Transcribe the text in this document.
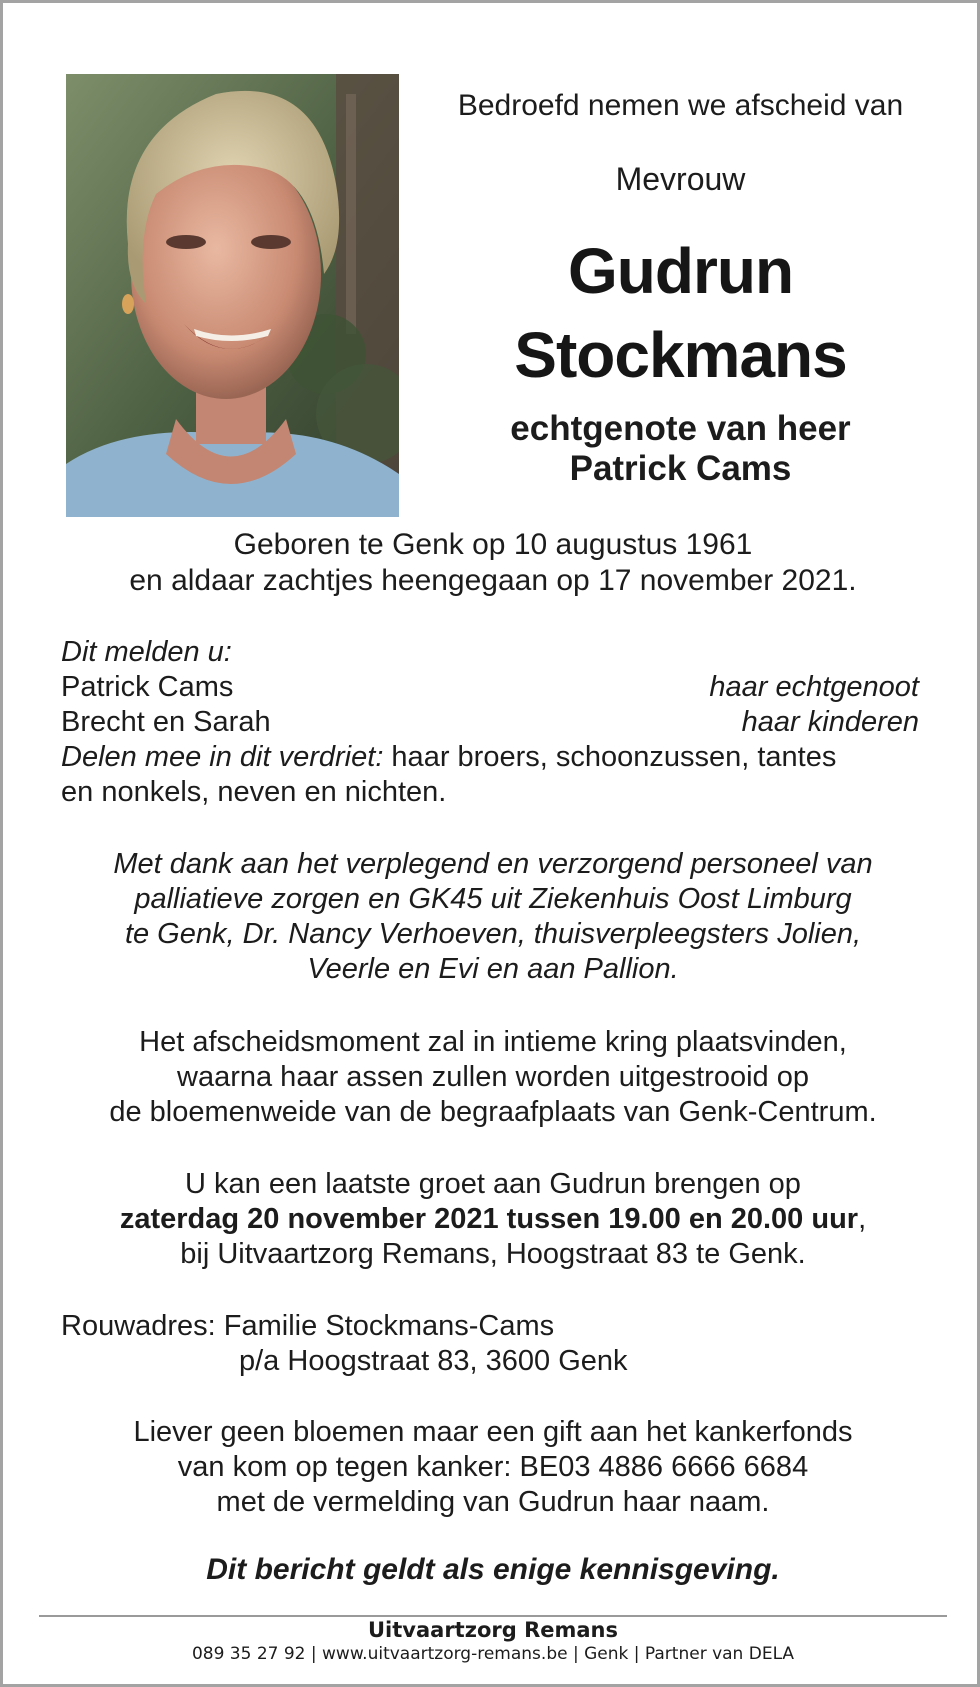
Bedroefd nemen we afscheid van
Mevrouw
Gudrun
Stockmans
echtgenote van heer
Patrick Cams
Geboren te Genk op 10 augustus 1961
en aldaar zachtjes heengegaan op 17 november 2021.
Dit melden u:
Patrick Cams	haar echtgenoot
Brecht en Sarah	haar kinderen
Delen mee in dit verdriet: haar broers, schoonzussen, tantes
en nonkels, neven en nichten.
Met dank aan het verplegend en verzorgend personeel van
palliatieve zorgen en GK45 uit Ziekenhuis Oost Limburg
te Genk, Dr. Nancy Verhoeven, thuisverpleegsters Jolien,
Veerle en Evi en aan Pallion.
Het afscheidsmoment zal in intieme kring plaatsvinden,
waarna haar assen zullen worden uitgestrooid op
de bloemenweide van de begraafplaats van Genk-Centrum.
U kan een laatste groet aan Gudrun brengen op
zaterdag 20 november 2021 tussen 19.00 en 20.00 uur,
bij Uitvaartzorg Remans, Hoogstraat 83 te Genk.
Rouwadres: Familie Stockmans-Cams
p/a Hoogstraat 83, 3600 Genk
Liever geen bloemen maar een gift aan het kankerfonds
van kom op tegen kanker: BE03 4886 6666 6684
met de vermelding van Gudrun haar naam.
Dit bericht geldt als enige kennisgeving.
Uitvaartzorg Remans
089 35 27 92 | www.uitvaartzorg-remans.be | Genk | Partner van DELA
